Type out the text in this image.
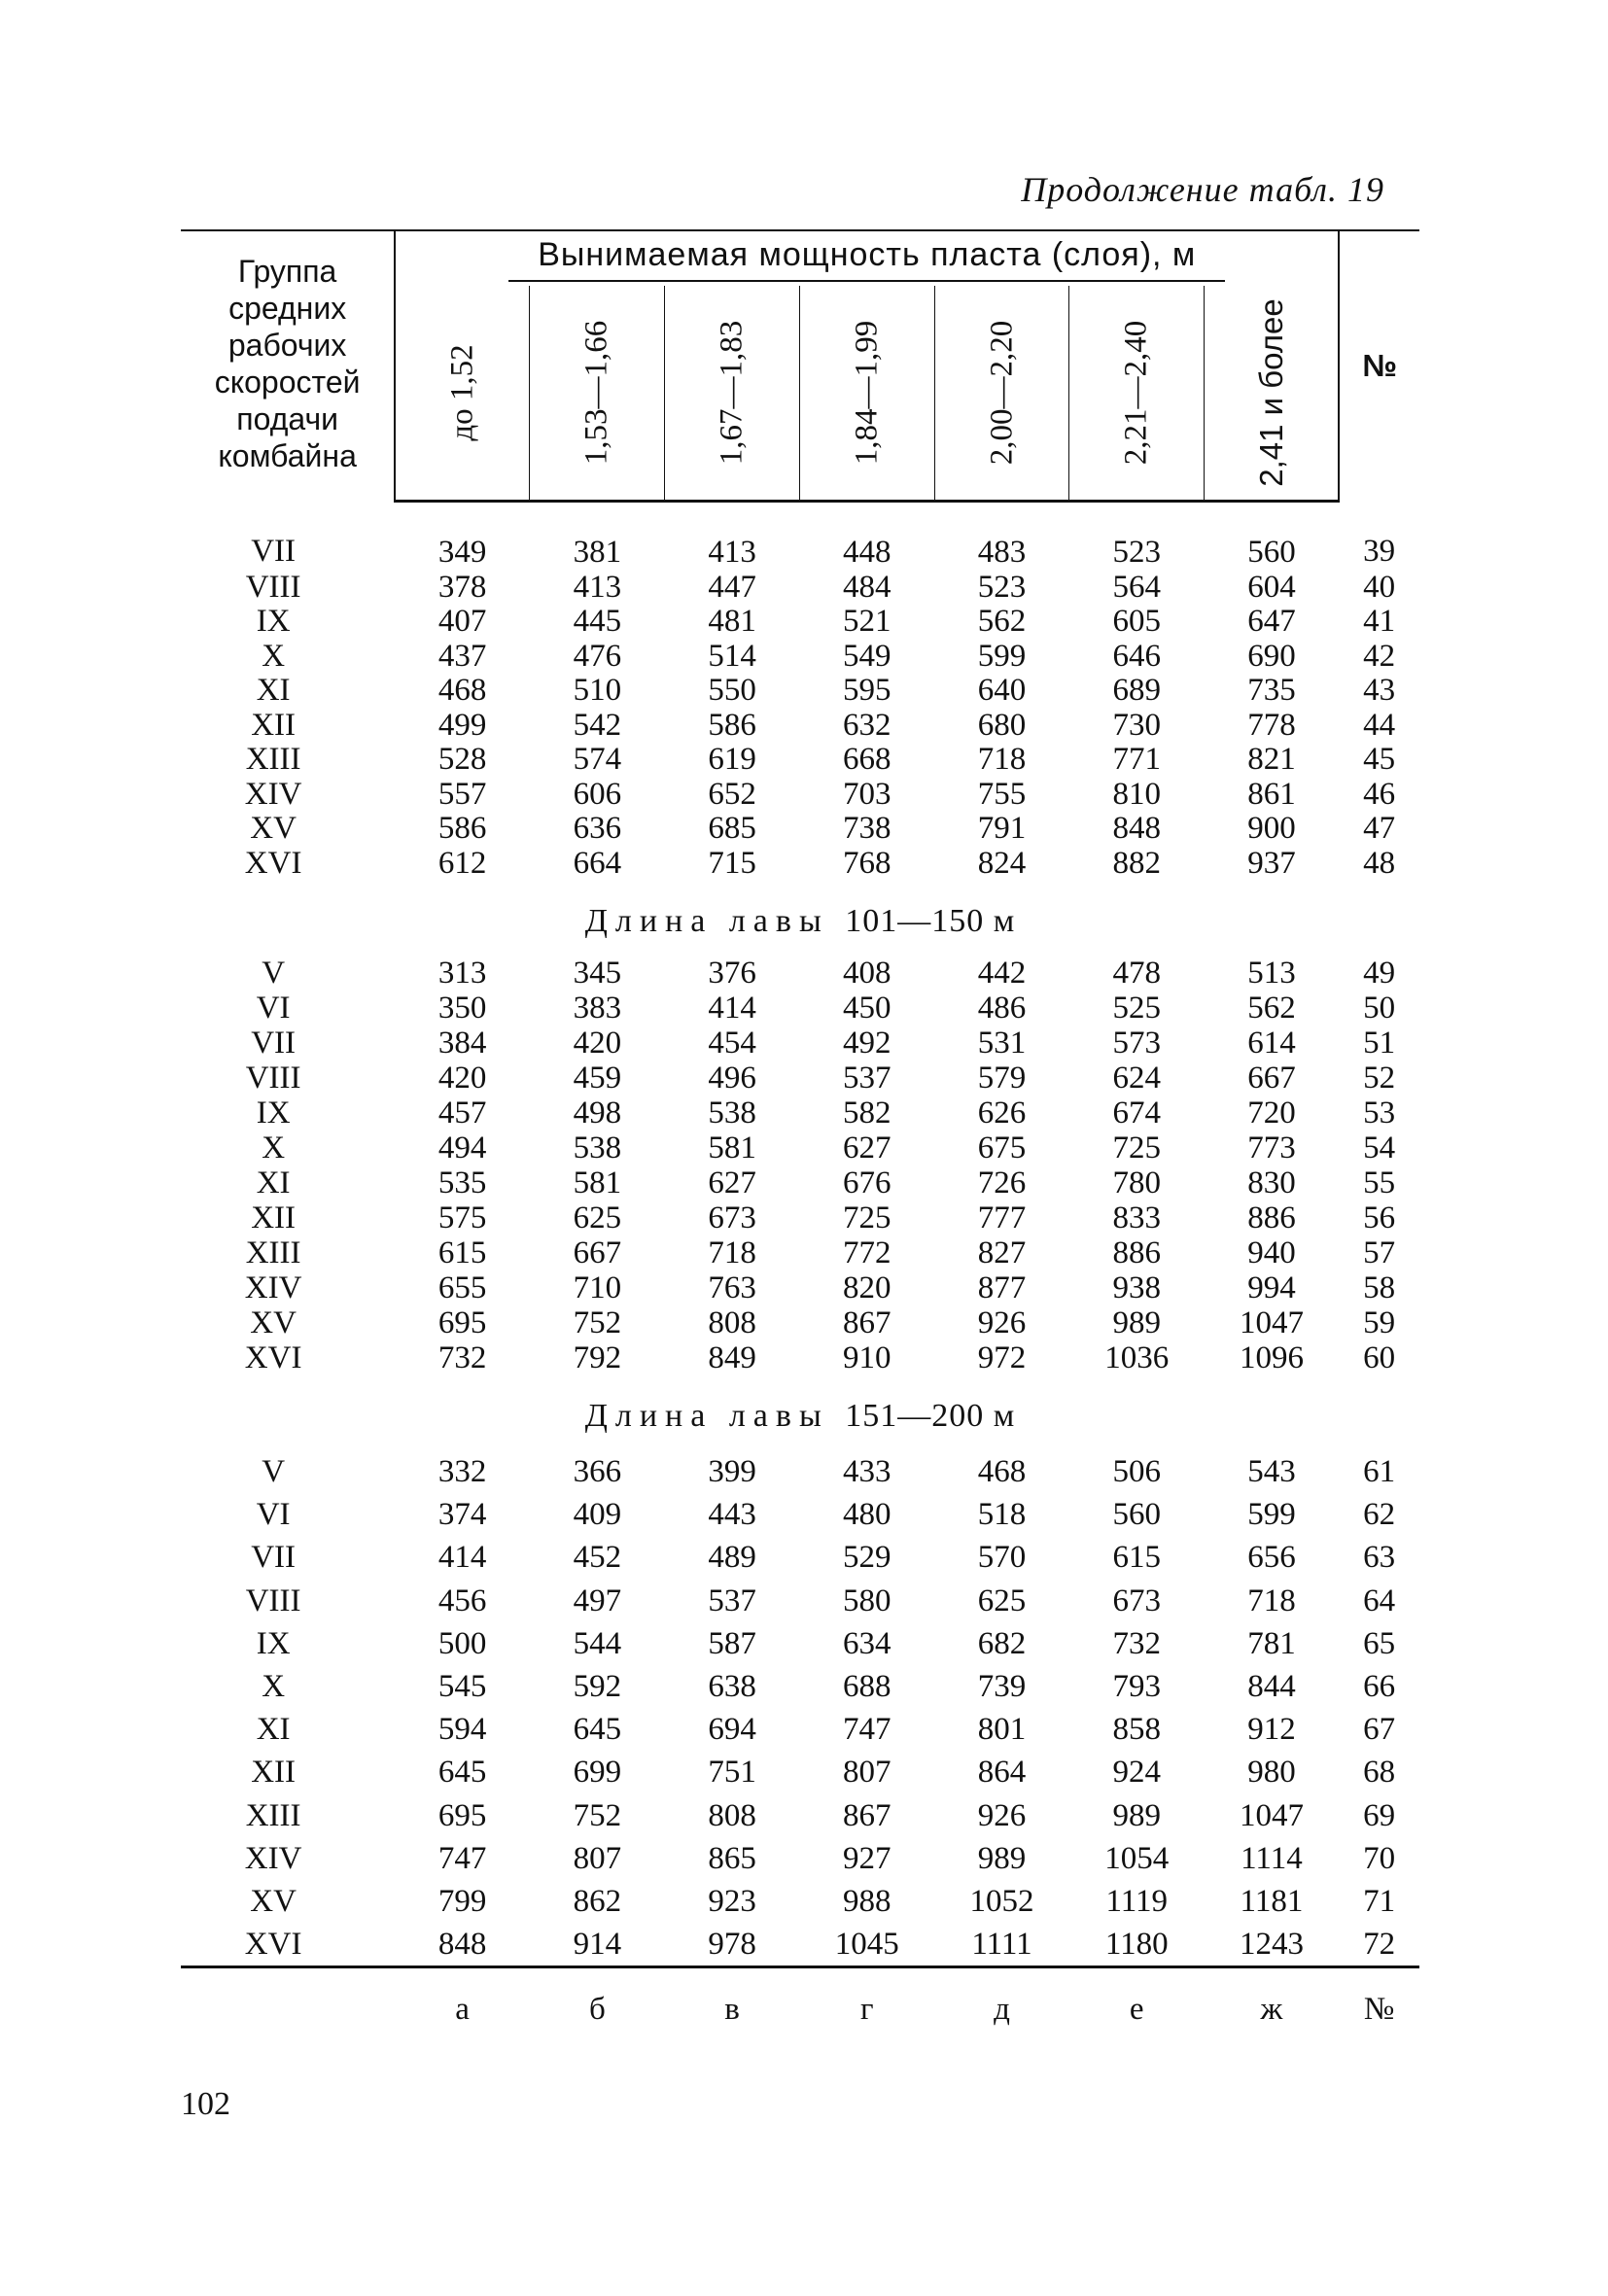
Продолжение табл. 19
Группа средних рабочих скоростей подачи комбайна	Вынимаемая мощность пласта (слоя), м							№

	до 1,52	1,53—1,66	1,67—1,83	1,84—1,99	2,00—2,20	2,21—2,40	2,41 и более	

VII	349	381	413	448	483	523	560	39
VIII	378	413	447	484	523	564	604	40
IX	407	445	481	521	562	605	647	41
X	437	476	514	549	599	646	690	42
XI	468	510	550	595	640	689	735	43
XII	499	542	586	632	680	730	778	44
XIII	528	574	619	668	718	771	821	45
XIV	557	606	652	703	755	810	861	46
XV	586	636	685	738	791	848	900	47
XVI	612	664	715	768	824	882	937	48
Длина лавы 101—150 м								
V	313	345	376	408	442	478	513	49
VI	350	383	414	450	486	525	562	50
VII	384	420	454	492	531	573	614	51
VIII	420	459	496	537	579	624	667	52
IX	457	498	538	582	626	674	720	53
X	494	538	581	627	675	725	773	54
XI	535	581	627	676	726	780	830	55
XII	575	625	673	725	777	833	886	56
XIII	615	667	718	772	827	886	940	57
XIV	655	710	763	820	877	938	994	58
XV	695	752	808	867	926	989	1047	59
XVI	732	792	849	910	972	1036	1096	60
Длина лавы 151—200 м								
V	332	366	399	433	468	506	543	61
VI	374	409	443	480	518	560	599	62
VII	414	452	489	529	570	615	656	63
VIII	456	497	537	580	625	673	718	64
IX	500	544	587	634	682	732	781	65
X	545	592	638	688	739	793	844	66
XI	594	645	694	747	801	858	912	67
XII	645	699	751	807	864	924	980	68
XIII	695	752	808	867	926	989	1047	69
XIV	747	807	865	927	989	1054	1114	70
XV	799	862	923	988	1052	1119	1181	71
XVI	848	914	978	1045	1111	1180	1243	72
	а	б	в	г	д	е	ж	№
102
